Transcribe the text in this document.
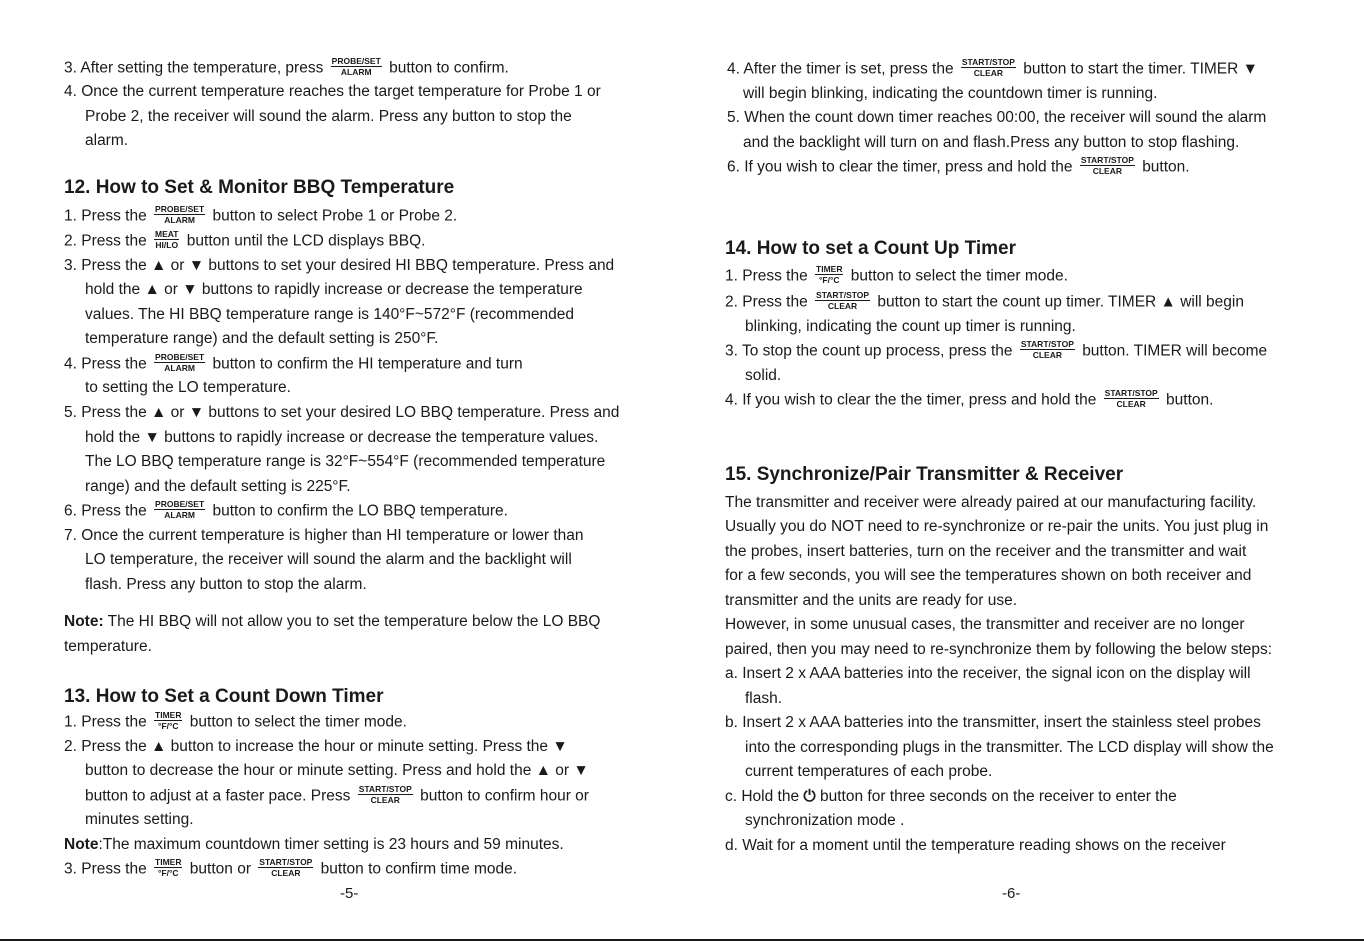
3. After setting the temperature, press PROBE/SET
ALARM button to confirm.
4. Once the current temperature reaches the target temperature for Probe 1 or
Probe 2, the receiver will sound the alarm. Press any button to stop the
alarm.
12. How to Set & Monitor BBQ Temperature
1. Press the PROBE/SET
ALARM button to select Probe 1 or Probe 2.
2. Press the MEAT
HI/LO button until the LCD displays BBQ.
3. Press the ▲ or ▼ buttons to set your desired HI BBQ temperature. Press and
hold the ▲ or ▼ buttons to rapidly increase or decrease the temperature
values. The HI BBQ temperature range is 140°F~572°F (recommended
temperature range) and the default setting is 250°F.
4. Press the PROBE/SET
ALARM button to confirm the HI temperature and turn
to setting the LO temperature.
5. Press the ▲ or ▼ buttons to set your desired LO BBQ temperature. Press and
hold the ▼ buttons to rapidly increase or decrease the temperature values.
The LO BBQ temperature range is 32°F~554°F (recommended temperature
range) and the default setting is 225°F.
6. Press the PROBE/SET
ALARM button to confirm the LO BBQ temperature.
7. Once the current temperature is higher than HI temperature or lower than
LO temperature, the receiver will sound the alarm and the backlight will
flash. Press any button to stop the alarm.
Note: The HI BBQ will not allow you to set the temperature below the LO BBQ
temperature.
13. How to Set a Count Down Timer
1. Press the TIMER
°F/°C button to select the timer mode.
2. Press the ▲ button to increase the hour or minute setting. Press the ▼
button to decrease the hour or minute setting. Press and hold the ▲ or ▼
button to adjust at a faster pace. Press START/STOP
CLEAR button to confirm hour or
minutes setting.
Note:The maximum countdown timer setting is 23 hours and 59 minutes.
3. Press the TIMER
°F/°C button or START/STOP
CLEAR button to confirm time mode.
-5-
4. After the timer is set, press the START/STOP
CLEAR button to start the timer. TIMER ▼
will begin blinking, indicating the countdown timer is running.
5. When the count down timer reaches 00:00, the receiver will sound the alarm
and the backlight will turn on and flash.Press any button to stop flashing.
6. If you wish to clear the timer, press and hold the START/STOP
CLEAR button.
14. How to set a Count Up Timer
1. Press the TIMER
°F/°C button to select the timer mode.
2. Press the START/STOP
CLEAR button to start the count up timer. TIMER ▲ will begin
blinking, indicating the count up timer is running.
3. To stop the count up process, press the START/STOP
CLEAR button. TIMER will become
solid.
4. If you wish to clear the the timer, press and hold the START/STOP
CLEAR button.
15. Synchronize/Pair Transmitter & Receiver
The transmitter and receiver were already paired at our manufacturing facility.
Usually you do NOT need to re-synchronize or re-pair the units. You just plug in
the probes, insert batteries, turn on the receiver and the transmitter and wait
for a few seconds, you will see the temperatures shown on both receiver and
transmitter and the units are ready for use.
However, in some unusual cases, the transmitter and receiver are no longer
paired, then you may need to re-synchronize them by following the below steps:
a. Insert 2 x AAA batteries into the receiver, the signal icon on the display will
flash.
b. Insert 2 x AAA batteries into the transmitter, insert the stainless steel probes
into the corresponding plugs in the transmitter. The LCD display will show the
current temperatures of each probe.
c. Hold the ⏻ button for three seconds on the receiver to enter the
synchronization mode .
d. Wait for a moment until the temperature reading shows on the receiver
-6-
